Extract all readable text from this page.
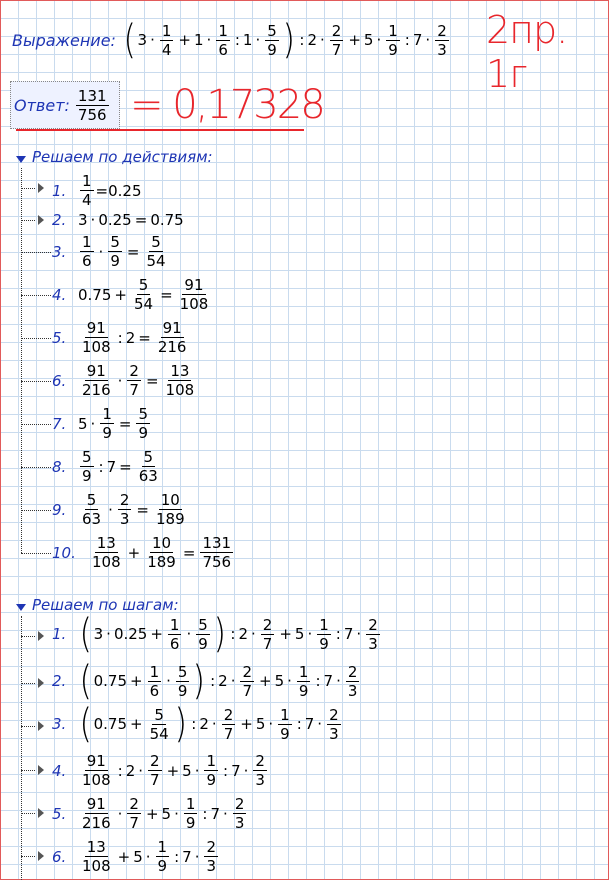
Выражение: ( 3 ·
1
4
+ 1 ·
1
6
: 1 ·
5
9 ) : 2 ·
2
7
+ 5 ·
1
9
: 7 ·
2
3 2пр. 1г
Ответ: 131
756 = 0,17328
Решаем по действиям:
1.
1
4
=0.25
2. 3 · 0.25 = 0.75
3.
1
6
· $\frac{5}{9} = \frac{5}{54}$
4. $0.75 + \frac{5}{54} = \frac{91}{108}$
5.
91
108
: $2 = \frac{91}{216}$
6.
91
216
· $\frac{2}{7} = \frac{13}{108}$
7. $5 \cdot \frac{1}{9} = \frac{5}{9}$
8.
5
9
: $7 = \frac{5}{63}$
9.
5
63
· $\frac{2}{3} = \frac{10}{189}$
10.
13
108
+ $\frac{10}{189} = \frac{131}{756}$
Решаем по шагам:
1. ( $3 \cdot 0.25 + \frac{1}{6}$ ·
5
9 ) : 2 ·
2
7
+ 5 ·
1
9
: 7 ·
2
3
2. ( $0.75 + \frac{1}{6}$ ·
5
9 ) : 2 ·
2
7
+ 5 ·
1
9
: 7 ·
2
3
3. ( $0.75 + \frac{5}{54}$ ) : 2 ·
2
7
+ 5 ·
1
9
: 7 ·
2
3
4.
91
108
: 2 ·
2
7
+ 5 ·
1
9
: 7 ·
2
3
5.
91
216
·
2
7
+ 5 ·
1
9
: 7 ·
2
3
6.
13
108
+ 5 ·
1
9
: 7 ·
2
3
